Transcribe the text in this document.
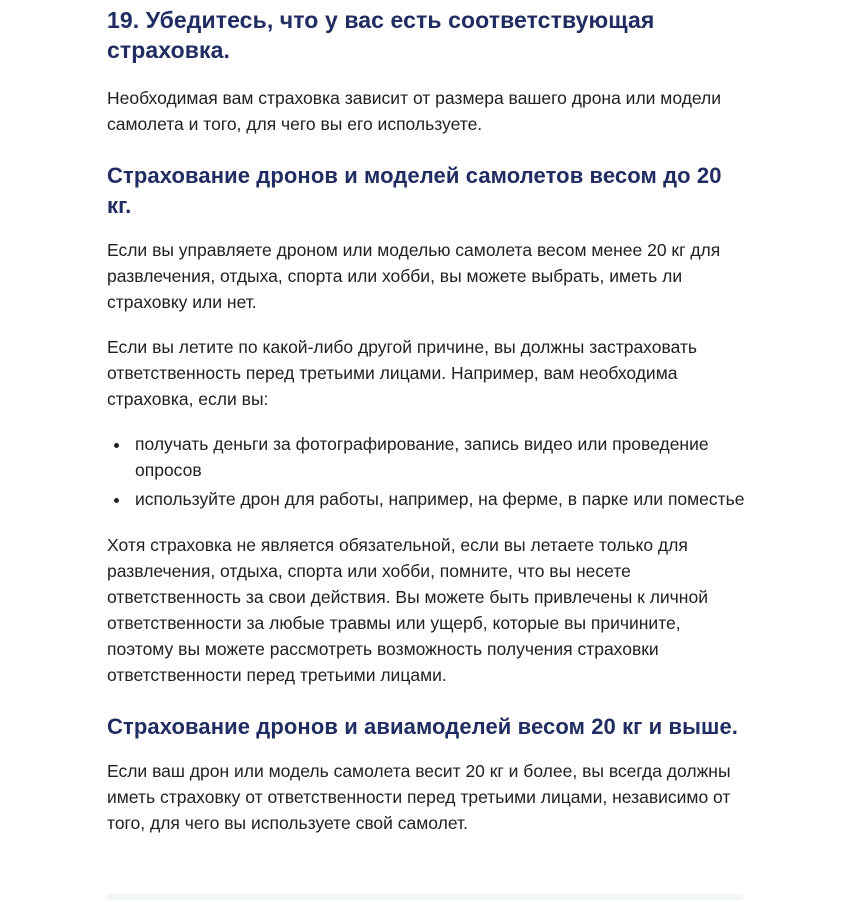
19. Убедитесь, что у вас есть соответствующая страховка.

Необходимая вам страховка зависит от размера вашего дрона или модели самолета и того, для чего вы его используете.

Страхование дронов и моделей самолетов весом до 20 кг.

Если вы управляете дроном или моделью самолета весом менее 20 кг для развлечения, отдыха, спорта или хобби, вы можете выбрать, иметь ли страховку или нет.

Если вы летите по какой-либо другой причине, вы должны застраховать ответственность перед третьими лицами. Например, вам необходима страховка, если вы:

• получать деньги за фотографирование, запись видео или проведение опросов
• используйте дрон для работы, например, на ферме, в парке или поместье

Хотя страховка не является обязательной, если вы летаете только для развлечения, отдыха, спорта или хобби, помните, что вы несете ответственность за свои действия. Вы можете быть привлечены к личной ответственности за любые травмы или ущерб, которые вы причините, поэтому вы можете рассмотреть возможность получения страховки ответственности перед третьими лицами.

Страхование дронов и авиамоделей весом 20 кг и выше.

Если ваш дрон или модель самолета весит 20 кг и более, вы всегда должны иметь страховку от ответственности перед третьими лицами, независимо от того, для чего вы используете свой самолет.
